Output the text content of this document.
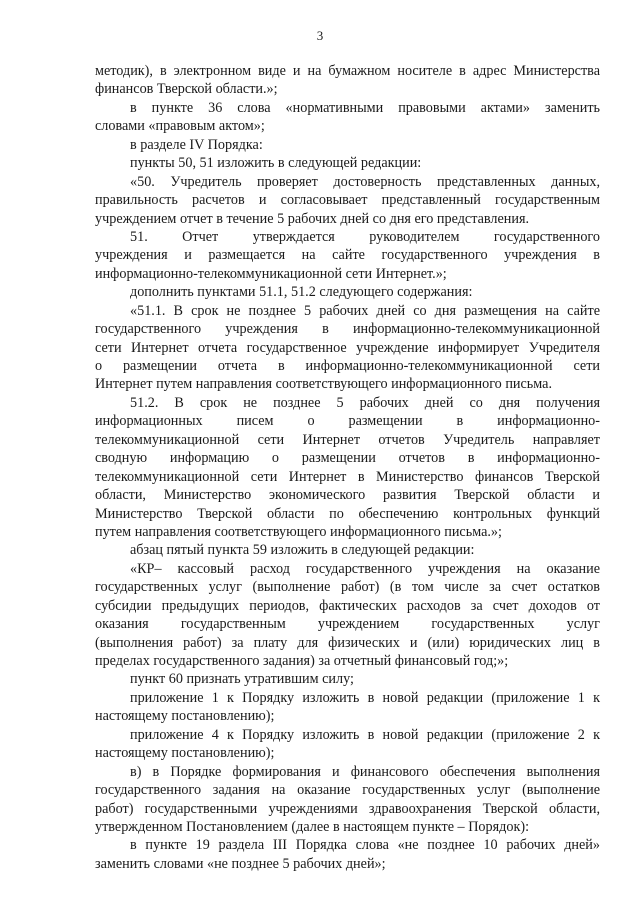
3
методик), в электронном виде и на бумажном носителе в адрес Министерства
финансов Тверской области.»;
в пункте 36 слова «нормативными правовыми актами» заменить
словами «правовым актом»;
в разделе IV Порядка:
пункты 50, 51 изложить в следующей редакции:
«50. Учредитель проверяет достоверность представленных данных,
правильность расчетов и согласовывает представленный государственным
учреждением отчет в течение 5 рабочих дней со дня его представления.
51. Отчет утверждается руководителем государственного
учреждения и размещается на сайте государственного учреждения в
информационно-телекоммуникационной сети Интернет.»;
дополнить пунктами 51.1, 51.2 следующего содержания:
«51.1. В срок не позднее 5 рабочих дней со дня размещения на сайте
государственного учреждения в информационно-телекоммуникационной
сети Интернет отчета государственное учреждение информирует Учредителя
о размещении отчета в информационно-телекоммуникационной сети
Интернет путем направления соответствующего информационного письма.
51.2. В срок не позднее 5 рабочих дней со дня получения
информационных писем о размещении в информационно-
телекоммуникационной сети Интернет отчетов Учредитель направляет
сводную информацию о размещении отчетов в информационно-
телекоммуникационной сети Интернет в Министерство финансов Тверской
области, Министерство экономического развития Тверской области и
Министерство Тверской области по обеспечению контрольных функций
путем направления соответствующего информационного письма.»;
абзац пятый пункта 59 изложить в следующей редакции:
«КР– кассовый расход государственного учреждения на оказание
государственных услуг (выполнение работ) (в том числе за счет остатков
субсидии предыдущих периодов, фактических расходов за счет доходов от
оказания государственным учреждением государственных услуг
(выполнения работ) за плату для физических и (или) юридических лиц в
пределах государственного задания) за отчетный финансовый год;»;
пункт 60 признать утратившим силу;
приложение 1 к Порядку изложить в новой редакции (приложение 1 к
настоящему постановлению);
приложение 4 к Порядку изложить в новой редакции (приложение 2 к
настоящему постановлению);
в) в Порядке формирования и финансового обеспечения выполнения
государственного задания на оказание государственных услуг (выполнение
работ) государственными учреждениями здравоохранения Тверской области,
утвержденном Постановлением (далее в настоящем пункте – Порядок):
в пункте 19 раздела III Порядка слова «не позднее 10 рабочих дней»
заменить словами «не позднее 5 рабочих дней»;
